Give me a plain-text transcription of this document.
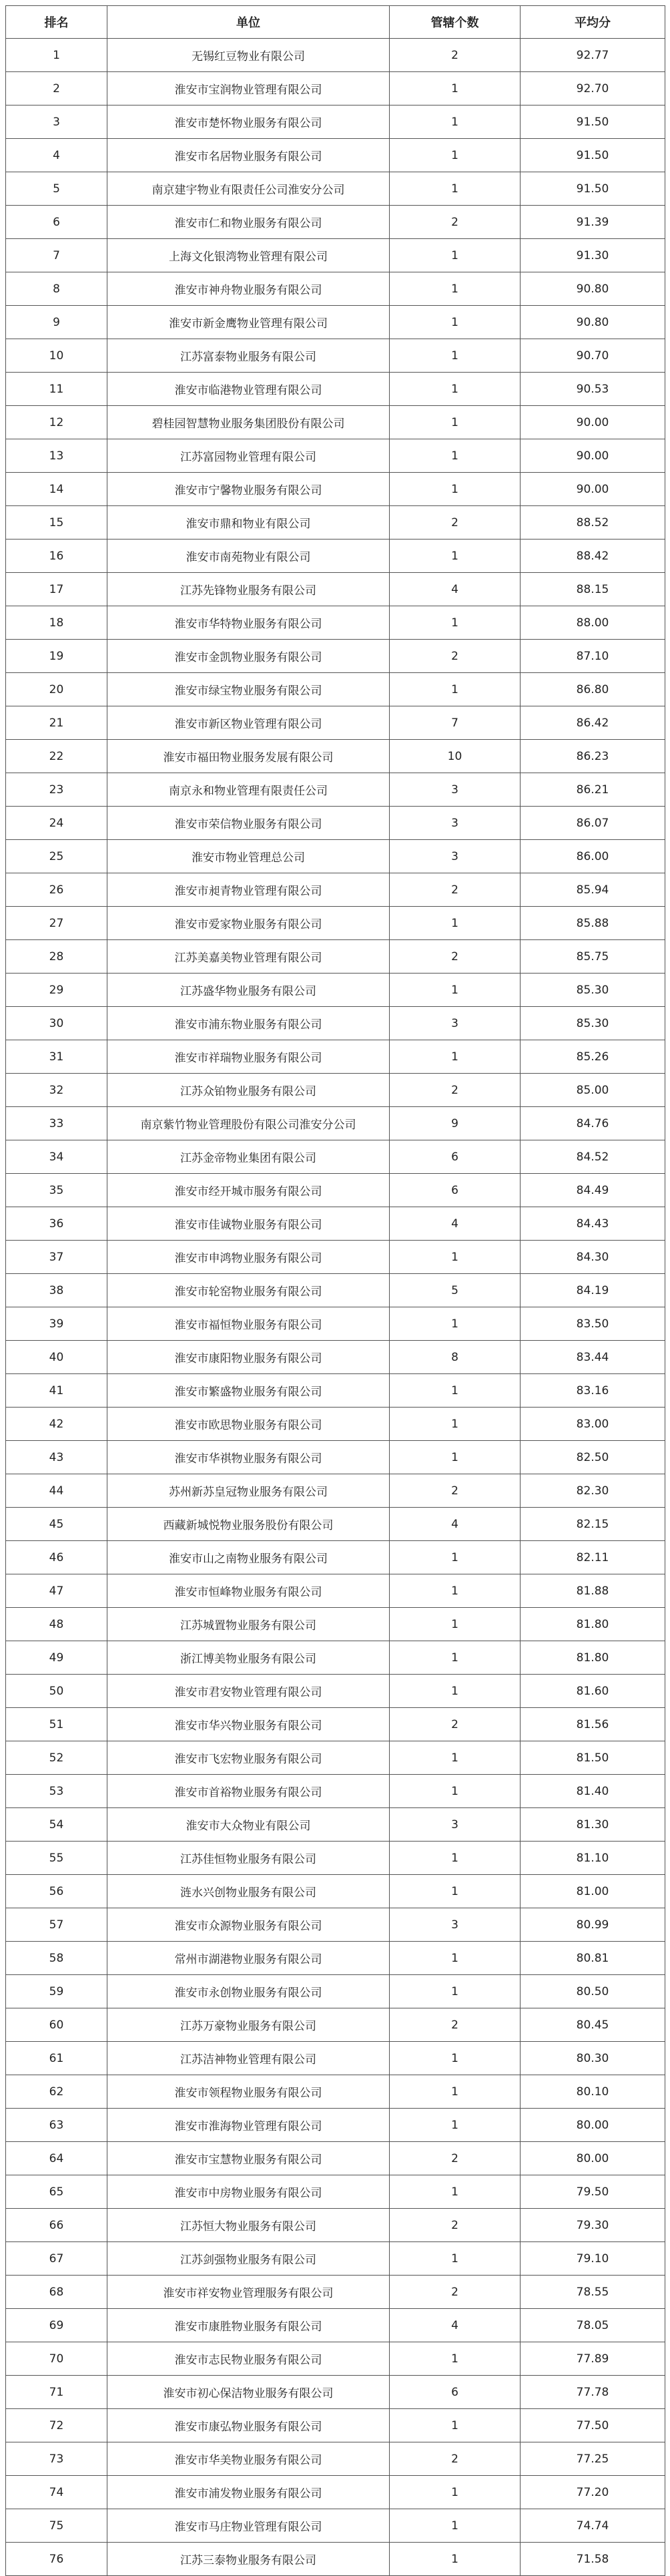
排名	单位	管辖个数	平均分
1	无锡红豆物业有限公司	2	92.77
2	淮安市宝润物业管理有限公司	1	92.70
3	淮安市楚怀物业服务有限公司	1	91.50
4	淮安市名居物业服务有限公司	1	91.50
5	南京建宇物业有限责任公司淮安分公司	1	91.50
6	淮安市仁和物业服务有限公司	2	91.39
7	上海文化银湾物业管理有限公司	1	91.30
8	淮安市神舟物业服务有限公司	1	90.80
9	淮安市新金鹰物业管理有限公司	1	90.80
10	江苏富泰物业服务有限公司	1	90.70
11	淮安市临港物业管理有限公司	1	90.53
12	碧桂园智慧物业服务集团股份有限公司	1	90.00
13	江苏富园物业管理有限公司	1	90.00
14	淮安市宁馨物业服务有限公司	1	90.00
15	淮安市鼎和物业有限公司	2	88.52
16	淮安市南苑物业有限公司	1	88.42
17	江苏先锋物业服务有限公司	4	88.15
18	淮安市华特物业服务有限公司	1	88.00
19	淮安市金凯物业服务有限公司	2	87.10
20	淮安市绿宝物业服务有限公司	1	86.80
21	淮安市新区物业管理有限公司	7	86.42
22	淮安市福田物业服务发展有限公司	10	86.23
23	南京永和物业管理有限责任公司	3	86.21
24	淮安市荣信物业服务有限公司	3	86.07
25	淮安市物业管理总公司	3	86.00
26	淮安市昶青物业管理有限公司	2	85.94
27	淮安市爱家物业服务有限公司	1	85.88
28	江苏美嘉美物业管理有限公司	2	85.75
29	江苏盛华物业服务有限公司	1	85.30
30	淮安市浦东物业服务有限公司	3	85.30
31	淮安市祥瑞物业服务有限公司	1	85.26
32	江苏众铂物业服务有限公司	2	85.00
33	南京紫竹物业管理股份有限公司淮安分公司	9	84.76
34	江苏金帝物业集团有限公司	6	84.52
35	淮安市经开城市服务有限公司	6	84.49
36	淮安市佳诚物业服务有限公司	4	84.43
37	淮安市申鸿物业服务有限公司	1	84.30
38	淮安市轮窑物业服务有限公司	5	84.19
39	淮安市福恒物业服务有限公司	1	83.50
40	淮安市康阳物业服务有限公司	8	83.44
41	淮安市繁盛物业服务有限公司	1	83.16
42	淮安市欧思物业服务有限公司	1	83.00
43	淮安市华祺物业服务有限公司	1	82.50
44	苏州新苏皇冠物业服务有限公司	2	82.30
45	西藏新城悦物业服务股份有限公司	4	82.15
46	淮安市山之南物业服务有限公司	1	82.11
47	淮安市恒峰物业服务有限公司	1	81.88
48	江苏城置物业服务有限公司	1	81.80
49	浙江博美物业服务有限公司	1	81.80
50	淮安市君安物业管理有限公司	1	81.60
51	淮安市华兴物业服务有限公司	2	81.56
52	淮安市飞宏物业服务有限公司	1	81.50
53	淮安市首裕物业服务有限公司	1	81.40
54	淮安市大众物业有限公司	3	81.30
55	江苏佳恒物业服务有限公司	1	81.10
56	涟水兴创物业服务有限公司	1	81.00
57	淮安市众源物业服务有限公司	3	80.99
58	常州市湖港物业服务有限公司	1	80.81
59	淮安市永创物业服务有限公司	1	80.50
60	江苏万豪物业服务有限公司	2	80.45
61	江苏洁神物业管理有限公司	1	80.30
62	淮安市领程物业服务有限公司	1	80.10
63	淮安市淮海物业管理有限公司	1	80.00
64	淮安市宝慧物业服务有限公司	2	80.00
65	淮安市中房物业服务有限公司	1	79.50
66	江苏恒大物业服务有限公司	2	79.30
67	江苏剑强物业服务有限公司	1	79.10
68	淮安市祥安物业管理服务有限公司	2	78.55
69	淮安市康胜物业服务有限公司	4	78.05
70	淮安市志民物业服务有限公司	1	77.89
71	淮安市初心保洁物业服务有限公司	6	77.78
72	淮安市康弘物业服务有限公司	1	77.50
73	淮安市华美物业服务有限公司	2	77.25
74	淮安市浦发物业服务有限公司	1	77.20
75	淮安市马庄物业管理有限公司	1	74.74
76	江苏三泰物业服务有限公司	1	71.58
